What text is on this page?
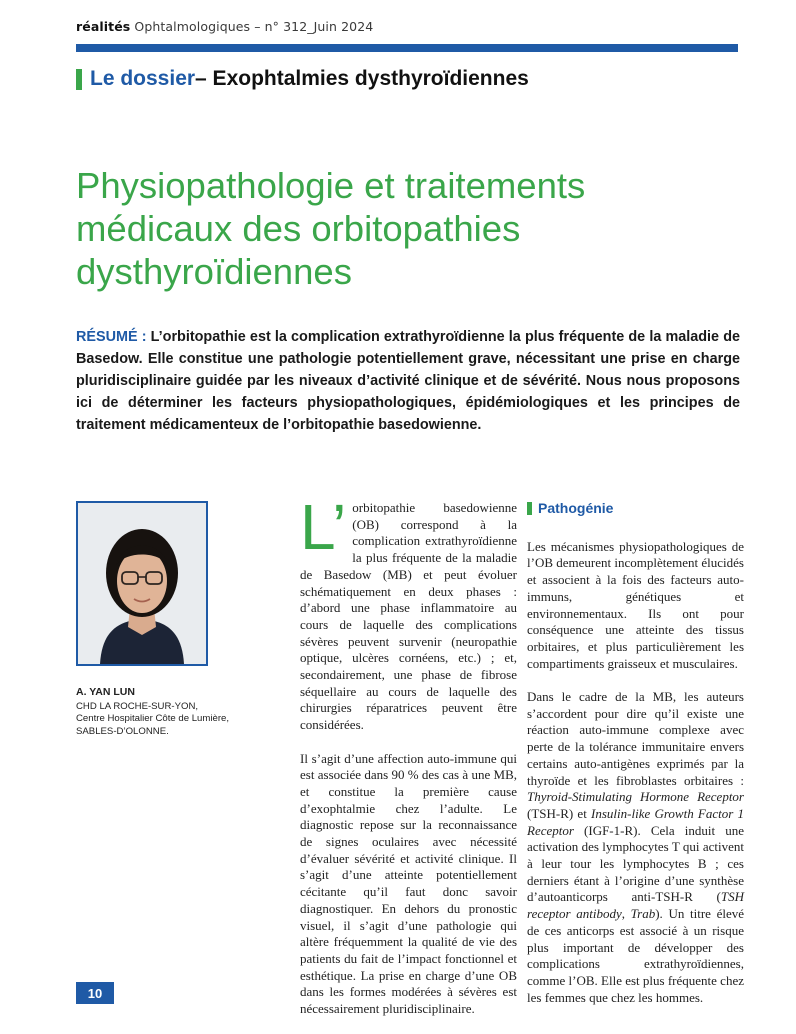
réalités Ophtalmologiques – n° 312_Juin 2024
Le dossier – Exophtalmies dysthyroïdiennes
Physiopathologie et traitements médicaux des orbitopathies dysthyroïdiennes
RÉSUMÉ : L’orbitopathie est la complication extrathyroïdienne la plus fréquente de la maladie de Basedow. Elle constitue une pathologie potentiellement grave, nécessitant une prise en charge pluridisciplinaire guidée par les niveaux d’activité clinique et de sévérité. Nous nous proposons ici de déterminer les facteurs physiopathologiques, épidémiologiques et les principes de traitement médicamenteux de l’orbitopathie basedowienne.
A. YAN LUN
CHD LA ROCHE-SUR-YON,
Centre Hospitalier Côte de Lumière,
SABLES-D’OLONNE.

L’ orbitopathie basedowienne (OB) correspond à la complication extrathyroïdienne la plus fréquente de la maladie de Basedow (MB) et peut évoluer schématiquement en deux phases : d’abord une phase inflammatoire au cours de laquelle des complications sévères peuvent survenir (neuropathie optique, ulcères cornéens, etc.) ; et, secondairement, une phase de fibrose séquellaire au cours de laquelle des chirurgies réparatrices peuvent être considérées.

Il s’agit d’une affection auto-immune qui est associée dans 90 % des cas à une MB, et constitue la première cause d’exophtalmie chez l’adulte. Le diagnostic repose sur la reconnaissance de signes oculaires avec nécessité d’évaluer sévérité et activité clinique. Il s’agit d’une atteinte potentiellement cécitante qu’il faut donc savoir diagnostiquer. En dehors du pronostic visuel, il s’agit d’une pathologie qui altère fréquemment la qualité de vie des patients du fait de l’impact fonctionnel et esthétique. La prise en charge d’une OB dans les formes modérées à sévères est nécessairement pluridisciplinaire.

Pathogénie

Les mécanismes physiopathologiques de l’OB demeurent incomplètement élucidés et associent à la fois des facteurs auto-immuns, génétiques et environnementaux. Ils ont pour conséquence une atteinte des tissus orbitaires, et plus particulièrement les compartiments graisseux et musculaires.

Dans le cadre de la MB, les auteurs s’accordent pour dire qu’il existe une réaction auto-immune complexe avec perte de la tolérance immunitaire envers certains auto-antigènes exprimés par la thyroïde et les fibroblastes orbitaires : Thyroid-Stimulating Hormone Receptor (TSH-R) et Insulin-like Growth Factor 1 Receptor (IGF-1-R). Cela induit une activation des lymphocytes T qui activent à leur tour les lymphocytes B ; ces derniers étant à l’origine d’une synthèse d’autoanticorps anti-TSH-R (TSH receptor antibody, Trab). Un titre élevé de ces anticorps est associé à un risque plus important de développer des complications extrathyroïdiennes, comme l’OB. Elle est plus fréquente chez les femmes que chez les hommes.

10
